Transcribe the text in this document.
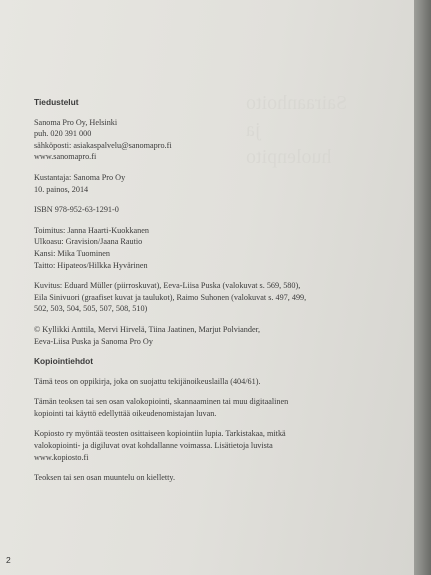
Sairaanhoito ja
huolenpito
Tiedustelut
Sanoma Pro Oy, Helsinki
puh. 020 391 000
sähköposti: asiakaspalvelu@sanomapro.fi
www.sanomapro.fi
Kustantaja: Sanoma Pro Oy
10. painos, 2014
ISBN 978-952-63-1291-0
Toimitus: Janna Haarti-Kuokkanen
Ulkoasu: Gravision/Jaana Rautio
Kansi: Mika Tuominen
Taitto: Hipateos/Hilkka Hyvärinen
Kuvitus: Eduard Müller (piirroskuvat), Eeva-Liisa Puska (valokuvat s. 569, 580),
Eila Sinivuori (graafiset kuvat ja taulukot), Raimo Suhonen (valokuvat s. 497, 499,
502, 503, 504, 505, 507, 508, 510)
© Kyllikki Anttila, Mervi Hirvelä, Tiina Jaatinen, Marjut Polviander,
Eeva-Liisa Puska ja Sanoma Pro Oy
Kopiointiehdot
Tämä teos on oppikirja, joka on suojattu tekijänoikeuslailla (404/61).
Tämän teoksen tai sen osan valokopiointi, skannaaminen tai muu digitaalinen
kopiointi tai käyttö edellyttää oikeudenomistajan luvan.
Kopiosto ry myöntää teosten osittaiseen kopiointiin lupia. Tarkistakaa, mitkä
valokopiointi- ja digiluvat ovat kohdallanne voimassa. Lisätietoja luvista
www.kopiosto.fi
Teoksen tai sen osan muuntelu on kielletty.
2
